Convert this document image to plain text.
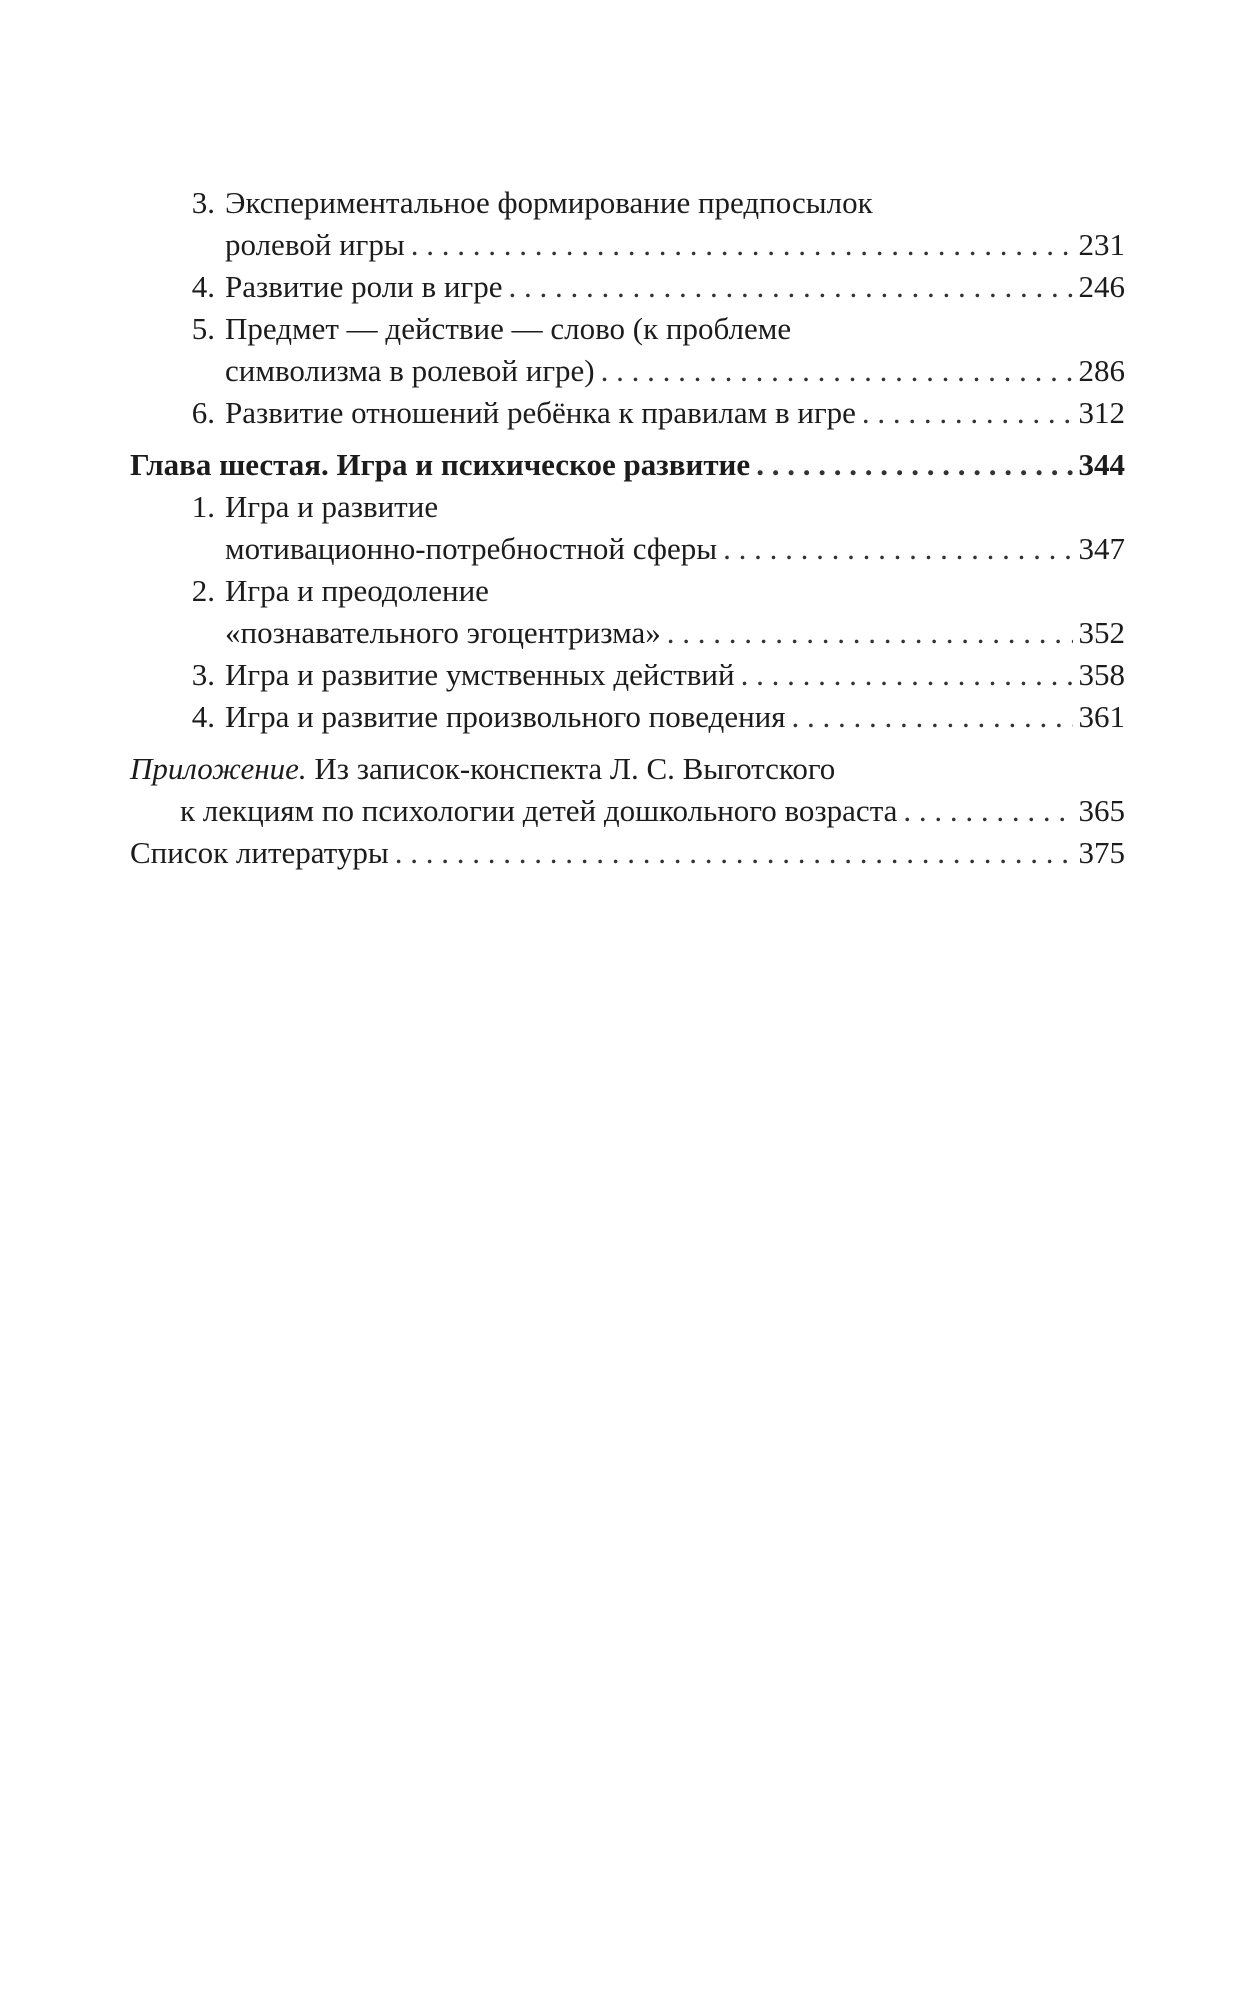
3. Экспериментальное формирование предпосылок
ролевой игры . . .	231
4. Развитие роли в игре . . .	246
5. Предмет — действие — слово (к проблеме
символизма в ролевой игре) . . .	286
6. Развитие отношений ребёнка к правилам в игре . . .	312
Глава шестая. Игра и психическое развитие . . .	344
1. Игра и развитие
мотивационно-потребностной сферы . . .	347
2. Игра и преодоление
«познавательного эгоцентризма» . . .	352
3. Игра и развитие умственных действий . . .	358
4. Игра и развитие произвольного поведения . . .	361
Приложение. Из записок-конспекта Л. С. Выготского
к лекциям по психологии детей дошкольного возраста . . .	365
Список литературы . . .	375
